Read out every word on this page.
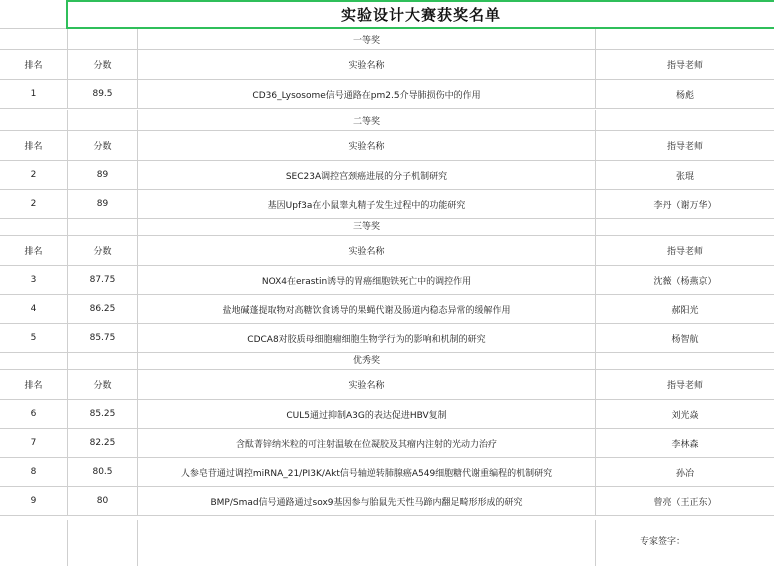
实验设计大赛获奖名单
一等奖
排名	分数	实验名称	指导老师
1	89.5	CD36_Lysosome信号通路在pm2.5介导肺损伤中的作用	杨彪
二等奖
排名	分数	实验名称	指导老师
2	89	SEC23A调控宫颈癌进展的分子机制研究	张琨
2	89	基因Upf3a在小鼠睾丸精子发生过程中的功能研究	李丹（谢万华）
三等奖
排名	分数	实验名称	指导老师
3	87.75	NOX4在erastin诱导的胃癌细胞铁死亡中的调控作用	沈薇（杨燕京）
4	86.25	盐地碱蓬提取物对高糖饮食诱导的果蝇代谢及肠道内稳态异常的缓解作用	郝阳光
5	85.75	CDCA8对胶质母细胞瘤细胞生物学行为的影响和机制的研究	杨智航
优秀奖
排名	分数	实验名称	指导老师
6	85.25	CUL5通过抑制A3G的表达促进HBV复制	刘光焱
7	82.25	含酞菁锌纳米粒的可注射温敏在位凝胶及其瘤内注射的光动力治疗	李林森
8	80.5	人参皂苷通过调控miRNA_21/PI3K/Akt信号轴逆转肺腺癌A549细胞糖代谢重编程的机制研究	孙冶
9	80	BMP/Smad信号通路通过sox9基因参与胎鼠先天性马蹄内翻足畸形形成的研究	曾亮（王正东）
专家签字：
